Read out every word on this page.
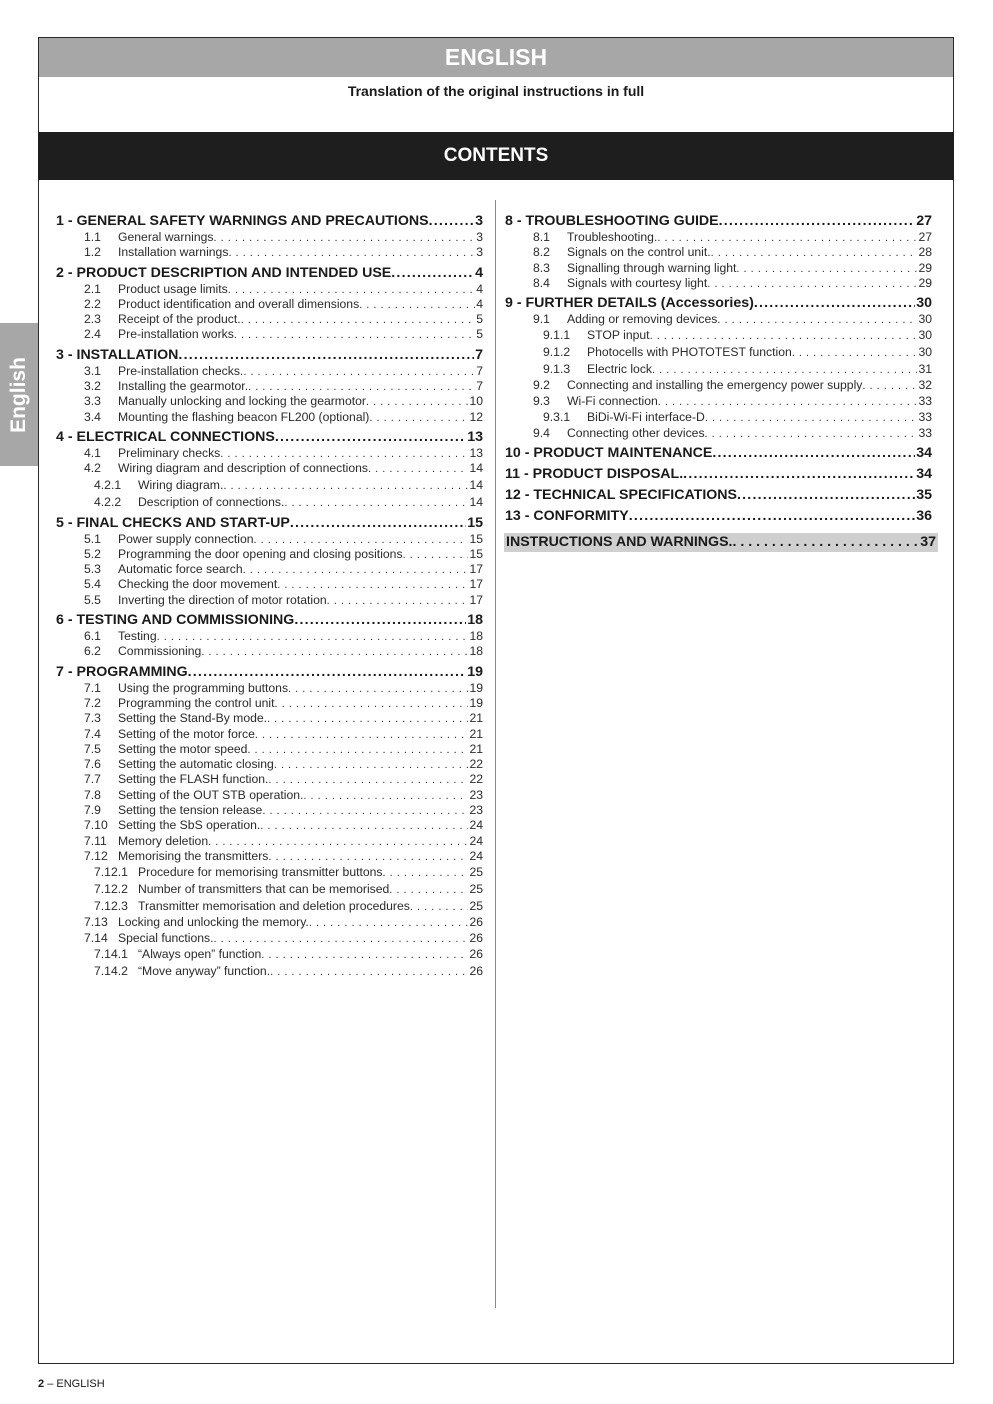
ENGLISH
Translation of the original instructions in full
CONTENTS
English
1 - GENERAL SAFETY WARNINGS AND PRECAUTIONS .....	3
1.1	General warnings . . .	3
1.2	Installation warnings . . .	3
2 - PRODUCT DESCRIPTION AND INTENDED USE .....	4
2.1	Product usage limits . . .	4
2.2	Product identification and overall dimensions . . .	4
2.3	Receipt of the product. . . .	5
2.4	Pre-installation works . . .	5
3 - INSTALLATION .....	7
3.1	Pre-installation checks. . . .	7
3.2	Installing the gearmotor. . . .	7
3.3	Manually unlocking and locking the gearmotor . . .	10
3.4	Mounting the flashing beacon FL200 (optional) . . .	12
4 - ELECTRICAL CONNECTIONS .....	13
4.1	Preliminary checks . . .	13
4.2	Wiring diagram and description of connections . . .	14
4.2.1	Wiring diagram. . . .	14
4.2.2	Description of connections. . . .	14
5 - FINAL CHECKS AND START-UP .....	15
5.1	Power supply connection . . .	15
5.2	Programming the door opening and closing positions . . .	15
5.3	Automatic force search . . .	17
5.4	Checking the door movement . . .	17
5.5	Inverting the direction of motor rotation . . .	17
6 - TESTING AND COMMISSIONING .....	18
6.1	Testing . . .	18
6.2	Commissioning . . .	18
7 - PROGRAMMING .....	19
7.1	Using the programming buttons . . .	19
7.2	Programming the control unit . . .	19
7.3	Setting the Stand-By mode. . . .	21
7.4	Setting of the motor force . . .	21
7.5	Setting the motor speed . . .	21
7.6	Setting the automatic closing . . .	22
7.7	Setting the FLASH function. . . .	22
7.8	Setting of the OUT STB operation. . . .	23
7.9	Setting the tension release . . .	23
7.10 Setting the SbS operation. . . .	24
7.11 Memory deletion . . .	24
7.12 Memorising the transmitters . . .	24
7.12.1 Procedure for memorising transmitter buttons . . .	25
7.12.2 Number of transmitters that can be memorised . . .	25
7.12.3 Transmitter memorisation and deletion procedures . . .	25
7.13 Locking and unlocking the memory. . . .	26
7.14 Special functions. . . .	26
7.14.1 “Always open” function . . .	26
7.14.2 “Move anyway” function. . . .	26
8 - TROUBLESHOOTING GUIDE .....	27
8.1	Troubleshooting. . . .	27
8.2	Signals on the control unit. . . .	28
8.3	Signalling through warning light . . .	29
8.4	Signals with courtesy light . . .	29
9 - FURTHER DETAILS (Accessories) .....	30
9.1	Adding or removing devices . . .	30
9.1.1	STOP input . . .	30
9.1.2	Photocells with PHOTOTEST function . . .	30
9.1.3	Electric lock . . .	31
9.2	Connecting and installing the emergency power supply . . .	32
9.3	Wi-Fi connection . . .	33
9.3.1	BiDi-Wi-Fi interface-D . . .	33
9.4	Connecting other devices . . .	33
10 - PRODUCT MAINTENANCE .....	34
11 - PRODUCT DISPOSAL. .....	34
12 - TECHNICAL SPECIFICATIONS .....	35
13 - CONFORMITY .....	36
INSTRUCTIONS AND WARNINGS. . . .	37
2 – ENGLISH
